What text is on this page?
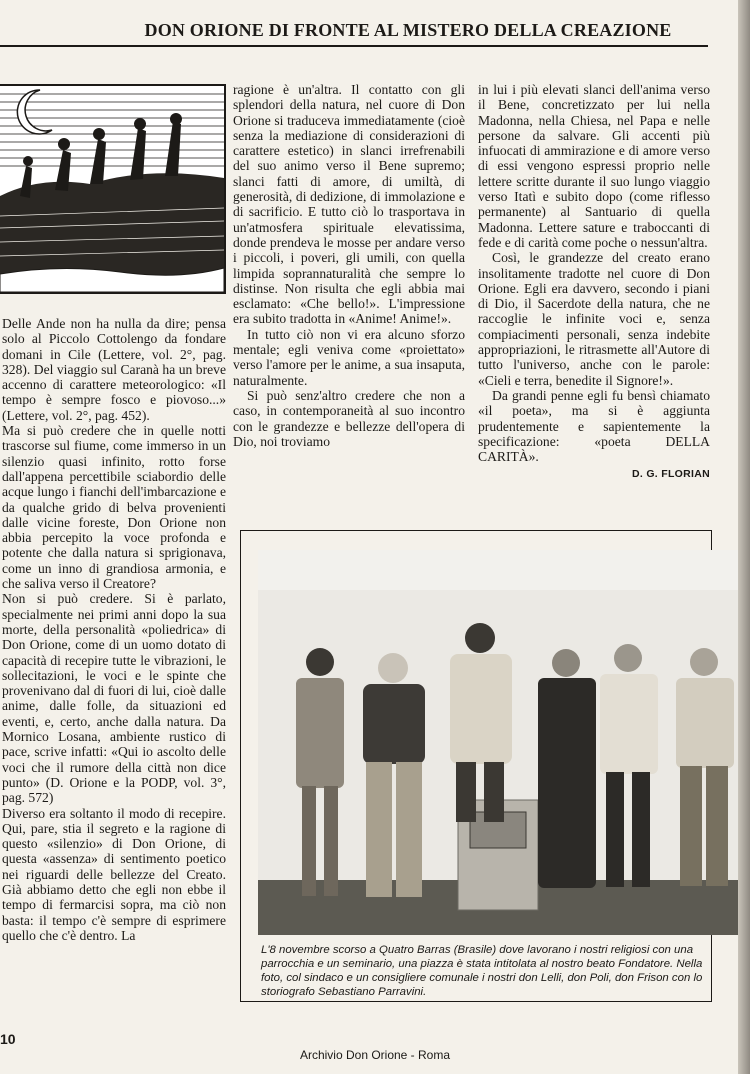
DON ORIONE DI FRONTE AL MISTERO DELLA CREAZIONE

Delle Ande non ha nulla da dire; pensa solo al Piccolo Cottolengo da fondare domani in Cile (Lettere, vol. 2°, pag. 328). Del viaggio sul Caranà ha un breve accenno di carattere meteorologico: «Il tempo è sempre fosco e piovoso...» (Lettere, vol. 2°, pag. 452).

Ma si può credere che in quelle notti trascorse sul fiume, come immerso in un silenzio quasi infinito, rotto forse dall'appena percettibile sciabordio delle acque lungo i fianchi dell'imbarcazione e da qualche grido di belva provenienti dalle vicine foreste, Don Orione non abbia percepito la voce profonda e potente che dalla natura si sprigionava, come un inno di grandiosa armonia, e che saliva verso il Creatore?

Non si può credere. Si è parlato, specialmente nei primi anni dopo la sua morte, della personalità «poliedrica» di Don Orione, come di un uomo dotato di capacità di recepire tutte le vibrazioni, le sollecitazioni, le voci e le spinte che provenivano dal di fuori di lui, cioè dalle anime, dalle folle, da situazioni ed eventi, e, certo, anche dalla natura. Da Mornico Losana, ambiente rustico di pace, scrive infatti: «Qui io ascolto delle voci che il rumore della città non dice punto» (D. Orione e la PODP, vol. 3°, pag. 572)

Diverso era soltanto il modo di recepire. Qui, pare, stia il segreto e la ragione di questo «silenzio» di Don Orione, di questa «assenza» di sentimento poetico nei riguardi delle bellezze del Creato. Già abbiamo detto che egli non ebbe il tempo di fermarcisi sopra, ma ciò non basta: il tempo c'è sempre di esprimere quello che c'è dentro. La

ragione è un'altra. Il contatto con gli splendori della natura, nel cuore di Don Orione si traduceva immediatamente (cioè senza la mediazione di considerazioni di carattere estetico) in slanci irrefrenabili del suo animo verso il Bene supremo; slanci fatti di amore, di umiltà, di generosità, di dedizione, di immolazione e di sacrificio. E tutto ciò lo trasportava in un'atmosfera spirituale elevatissima, donde prendeva le mosse per andare verso i piccoli, i poveri, gli umili, con quella limpida soprannaturalità che sempre lo distinse. Non risulta che egli abbia mai esclamato: «Che bello!». L'impressione era subito tradotta in «Anime! Anime!».

In tutto ciò non vi era alcuno sforzo mentale; egli veniva come «proiettato» verso l'amore per le anime, a sua insaputa, naturalmente.

Si può senz'altro credere che non a caso, in contemporaneità al suo incontro con le grandezze e bellezze dell'opera di Dio, noi troviamo

in lui i più elevati slanci dell'anima verso il Bene, concretizzato per lui nella Madonna, nella Chiesa, nel Papa e nelle persone da salvare. Gli accenti più infuocati di ammirazione e di amore verso di essi vengono espressi proprio nelle lettere scritte durante il suo lungo viaggio verso Itatì e subito dopo (come riflesso permanente) al Santuario di quella Madonna. Lettere sature e traboccanti di fede e di carità come poche o nessun'altra.

Così, le grandezze del creato erano insolitamente tradotte nel cuore di Don Orione. Egli era davvero, secondo i piani di Dio, il Sacerdote della natura, che ne raccoglie le infinite voci e, senza compiacimenti personali, senza indebite appropriazioni, le ritrasmette all'Autore di tutto l'universo, anche con le parole: «Cieli e terra, benedite il Signore!».

Da grandi penne egli fu bensì chiamato «il poeta», ma si è aggiunta prudentemente e sapientemente la specificazione: «poeta DELLA CARITÀ».

D. G. FLORIAN
L'8 novembre scorso a Quatro Barras (Brasile) dove lavorano i nostri religiosi con una parrocchia e un seminario, una piazza è stata intitolata al nostro beato Fondatore. Nella foto, col sindaco e un consigliere comunale i nostri don Lelli, don Poli, don Frison con lo storiografo Sebastiano Parravini.
10
Archivio Don Orione - Roma
